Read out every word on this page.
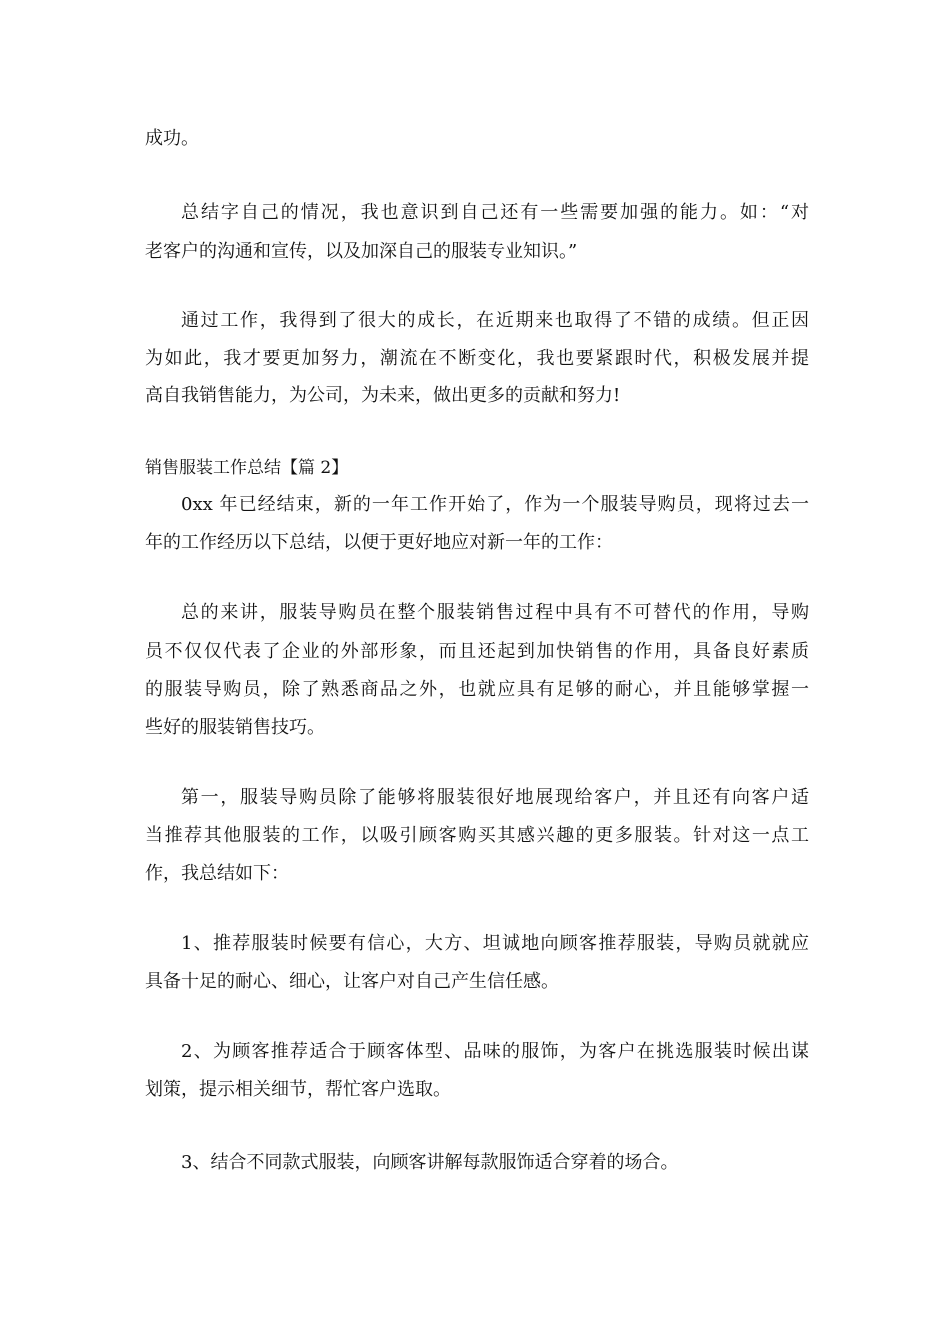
成功。

总结字自己的情况，我也意识到自己还有一些需要加强的能力。如：“对

老客户的沟通和宣传，以及加深自己的服装专业知识。”

通过工作，我得到了很大的成长，在近期来也取得了不错的成绩。但正因

为如此，我才要更加努力，潮流在不断变化，我也要紧跟时代，积极发展并提

高自我销售能力，为公司，为未来，做出更多的贡献和努力!

销售服装工作总结【篇 2】

0xx 年已经结束，新的一年工作开始了，作为一个服装导购员，现将过去一

年的工作经历以下总结，以便于更好地应对新一年的工作：

总的来讲，服装导购员在整个服装销售过程中具有不可替代的作用，导购

员不仅仅代表了企业的外部形象，而且还起到加快销售的作用，具备良好素质

的服装导购员，除了熟悉商品之外，也就应具有足够的耐心，并且能够掌握一

些好的服装销售技巧。

第一，服装导购员除了能够将服装很好地展现给客户，并且还有向客户适

当推荐其他服装的工作，以吸引顾客购买其感兴趣的更多服装。针对这一点工

作，我总结如下：

1、推荐服装时候要有信心，大方、坦诚地向顾客推荐服装，导购员就就应

具备十足的耐心、细心，让客户对自己产生信任感。

2、为顾客推荐适合于顾客体型、品味的服饰，为客户在挑选服装时候出谋

划策，提示相关细节，帮忙客户选取。

3、结合不同款式服装，向顾客讲解每款服饰适合穿着的场合。
